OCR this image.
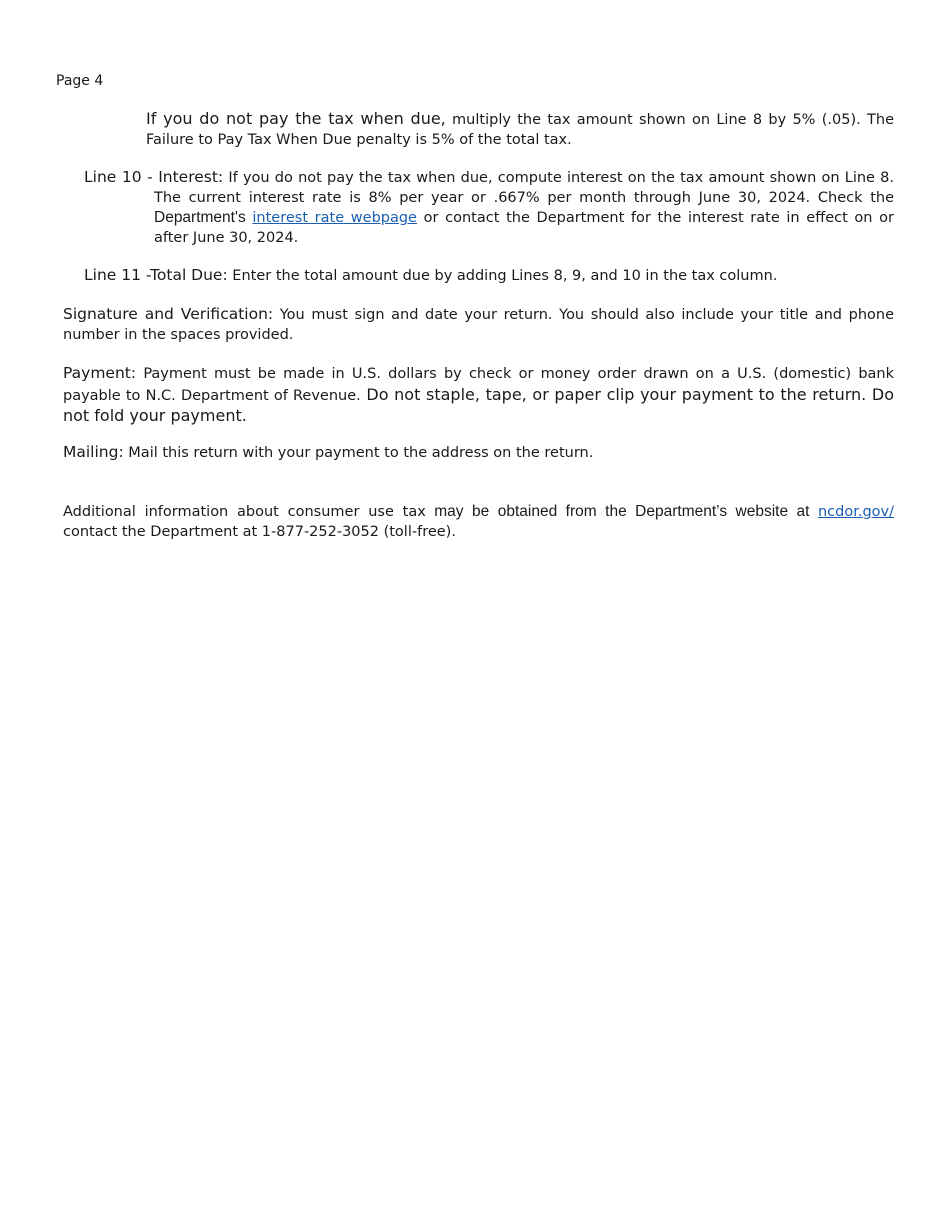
Page 4
If you do not pay the tax when due, multiply the tax amount shown on Line 8 by 5% (.05). The Failure to Pay Tax When Due penalty is 5% of the total tax.
Line 10 - Interest: If you do not pay the tax when due, compute interest on the tax amount shown on Line 8. The current interest rate is 8% per year or .667% per month through June 30, 2024. Check the Department's interest rate webpage or contact the Department for the interest rate in effect on or after June 30, 2024.
Line 11 -Total Due: Enter the total amount due by adding Lines 8, 9, and 10 in the tax column.
Signature and Verification: You must sign and date your return. You should also include your title and phone number in the spaces provided.
Payment: Payment must be made in U.S. dollars by check or money order drawn on a U.S. (domestic) bank payable to N.C. Department of Revenue. Do not staple, tape, or paper clip your payment to the return. Do not fold your payment.
Mailing: Mail this return with your payment to the address on the return.
Additional information about consumer use tax may be obtained from the Department’s website at ncdor.gov/ contact the Department at 1-877-252-3052 (toll-free).
